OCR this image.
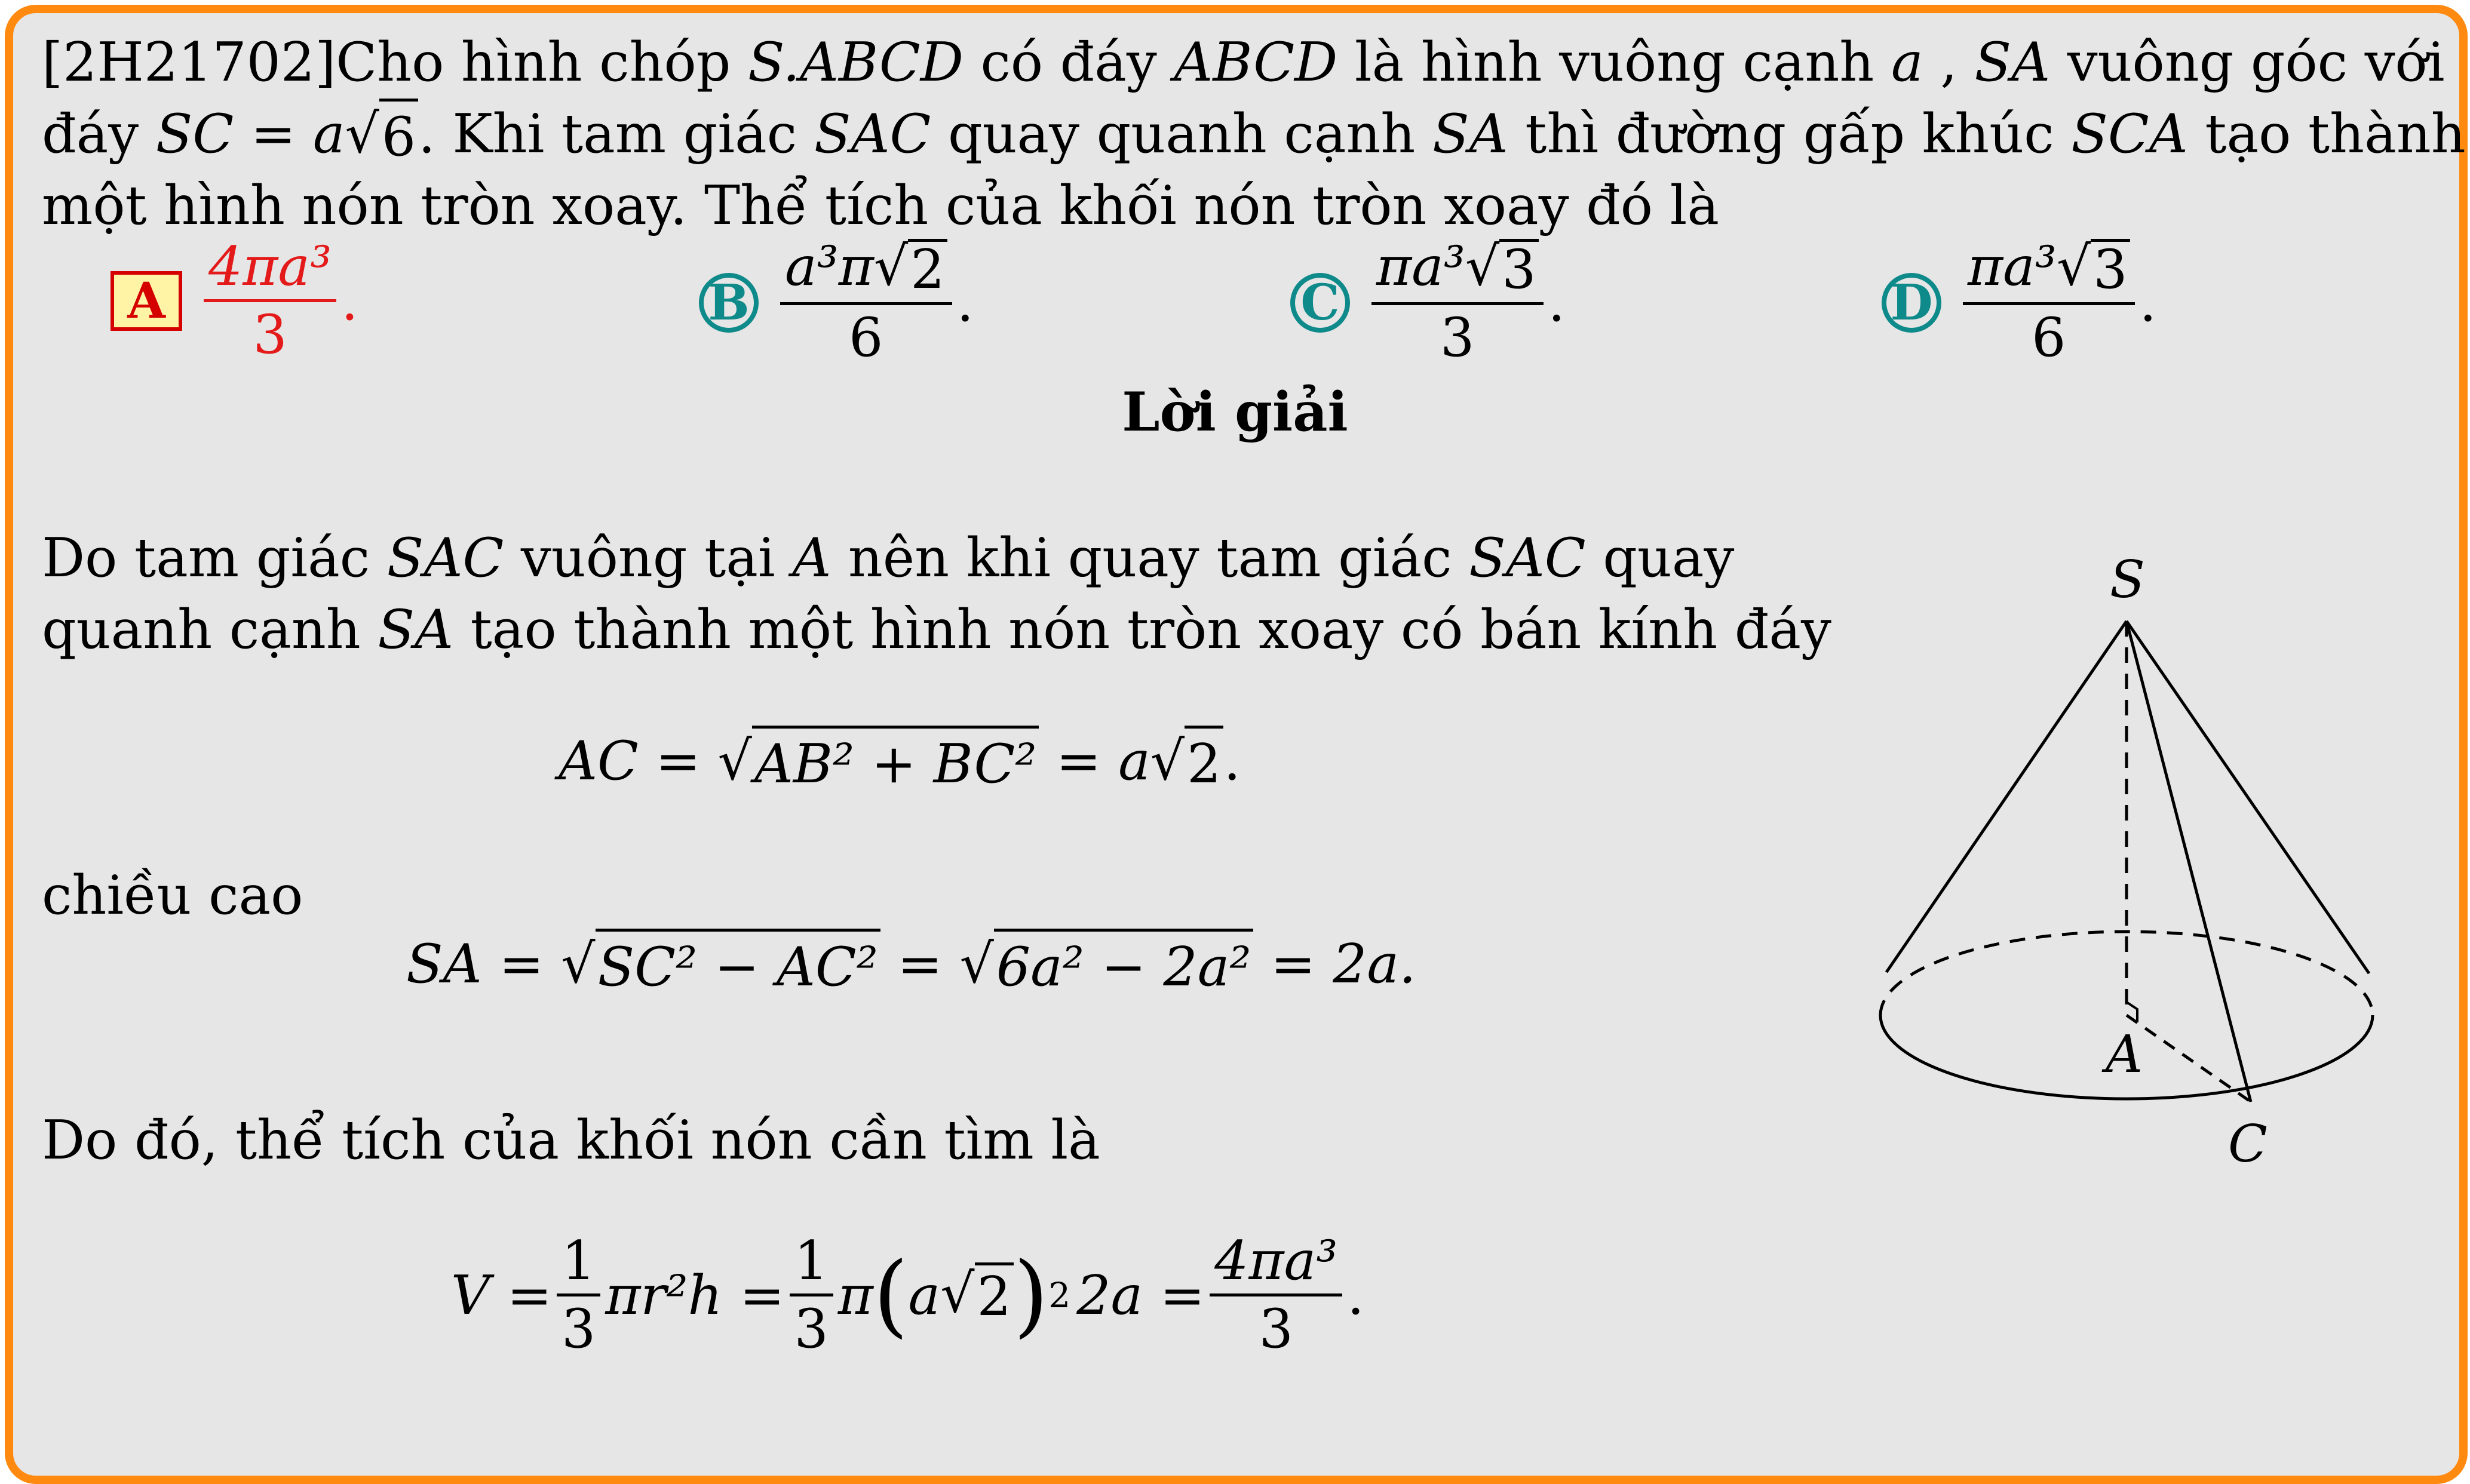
[2H21702]Cho hình chóp S.ABCD có đáy ABCD là hình vuông cạnh a , SA vuông góc với
đáy SC = a √ 6 . Khi tam giác SAC quay quanh cạnh SA thì đường gấp khúc SCA tạo thành
một hình nón tròn xoay. Thể tích của khối nón tròn xoay đó là
A $\frac{\text{4πa³}}{3}$ .	B $\frac{\text{a³π √ 2}}{6}$ .	C $\frac{\text{πa³ √ 3}}{3}$ .	D $\frac{\text{πa³ √ 3}}{6}$ .
Lời giải
Do tam giác SAC vuông tại A nên khi quay tam giác SAC quay
quanh cạnh SA tạo thành một hình nón tròn xoay có bán kính đáy
AC = √ AB² + BC² = a √ 2 .
chiều cao
SA = √ SC² − AC² = √ 6a² − 2a² = 2a.
Do đó, thể tích của khối nón cần tìm là
$V = \frac{1}{3} \pi r^2h = \frac{1}{3}$ π ( a √ 2 ) 2 $2a = \frac{\text{4πa³}}{3}$ .
S
A
C
